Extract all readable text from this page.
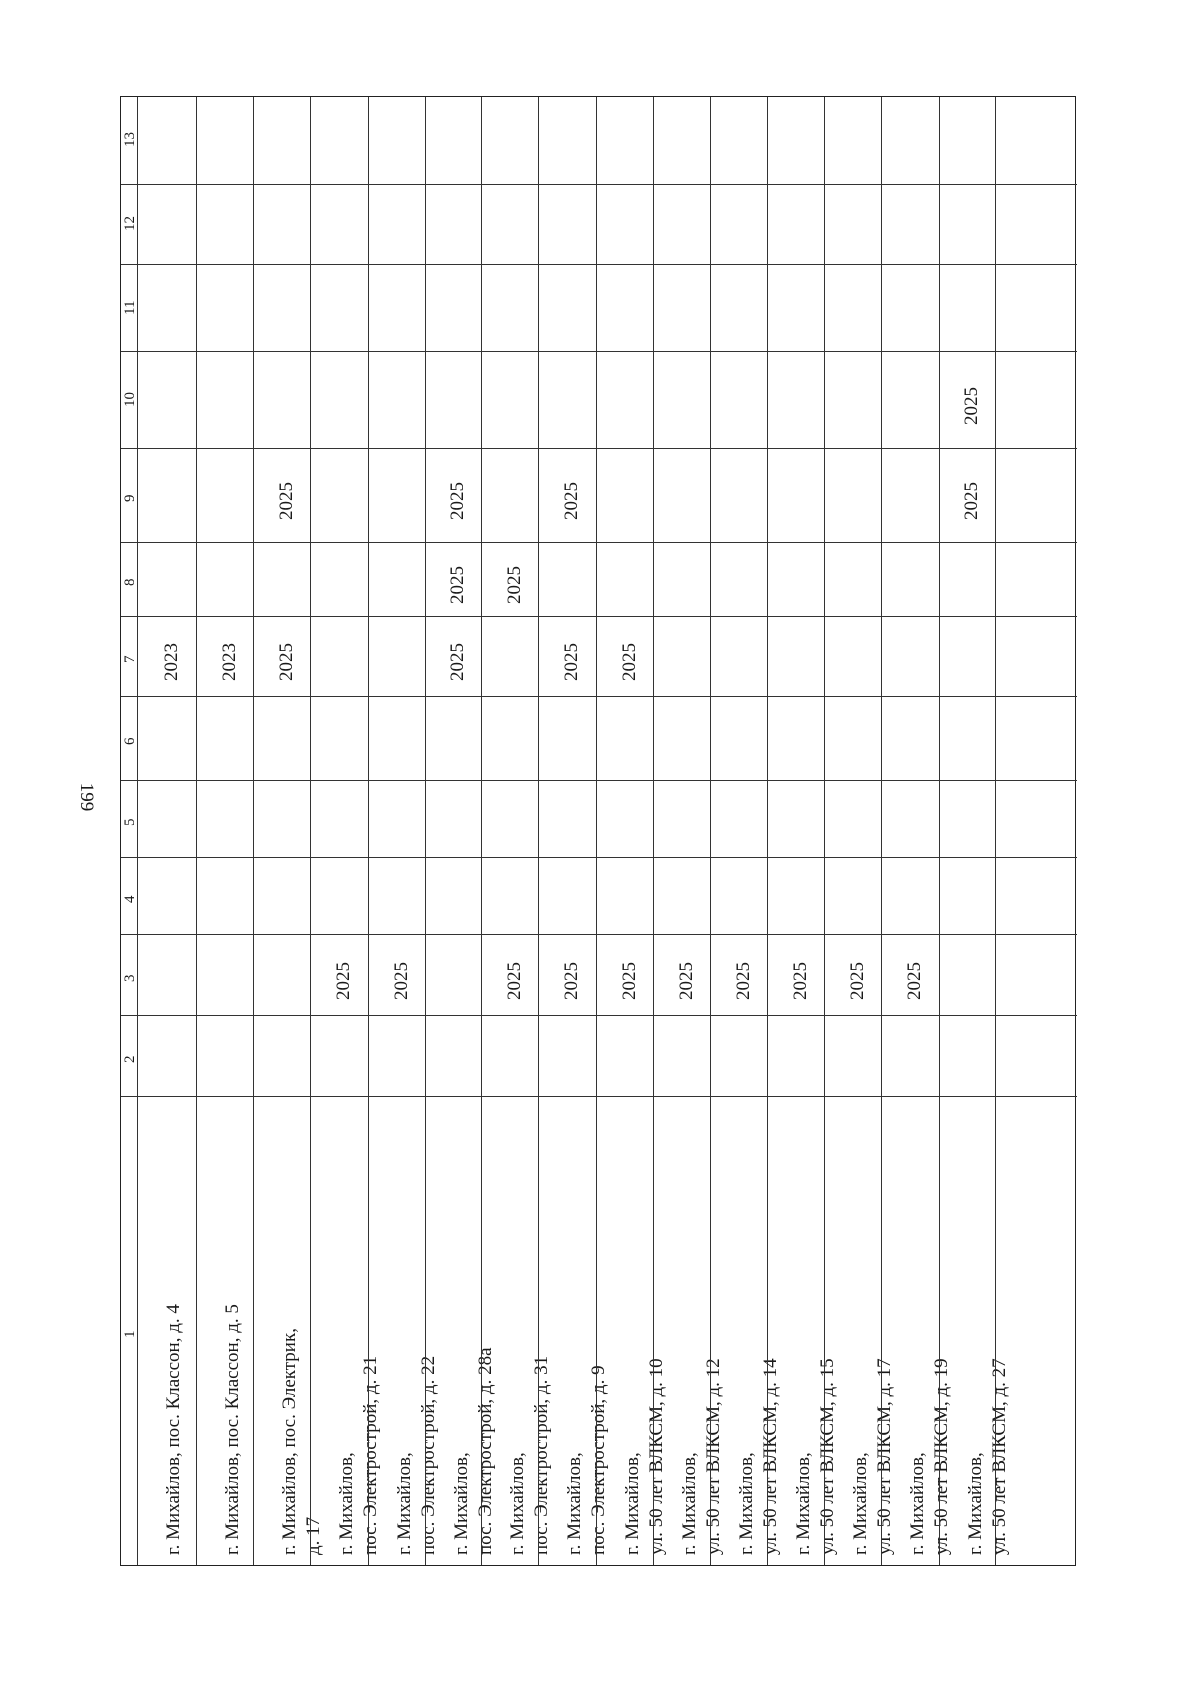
199
13
12
11
10
9
8
7
6
5
4
3
2
1
2023
г. Михайлов, пос. Классон, д. 4
2023
г. Михайлов, пос. Классон, д. 5
2025
2025
г. Михайлов, пос. Электрик, д. 17
2025
г. Михайлов, пос. Электрострой, д. 21
2025
г. Михайлов, пос. Электрострой, д. 22
2025
2025
2025
г. Михайлов, пос. Электрострой, д. 28а
2025
2025
г. Михайлов, пос. Электрострой, д. 31
2025
2025
2025
г. Михайлов, пос. Электрострой, д. 9
2025
2025
г. Михайлов, ул. 50 лет ВЛКСМ, д. 10
2025
г. Михайлов, ул. 50 лет ВЛКСМ, д. 12
2025
г. Михайлов, ул. 50 лет ВЛКСМ, д. 14
2025
г. Михайлов, ул. 50 лет ВЛКСМ, д. 15
2025
г. Михайлов, ул. 50 лет ВЛКСМ, д. 17
2025
г. Михайлов, ул. 50 лет ВЛКСМ, д. 19
2025
2025
г. Михайлов, ул. 50 лет ВЛКСМ, д. 27
